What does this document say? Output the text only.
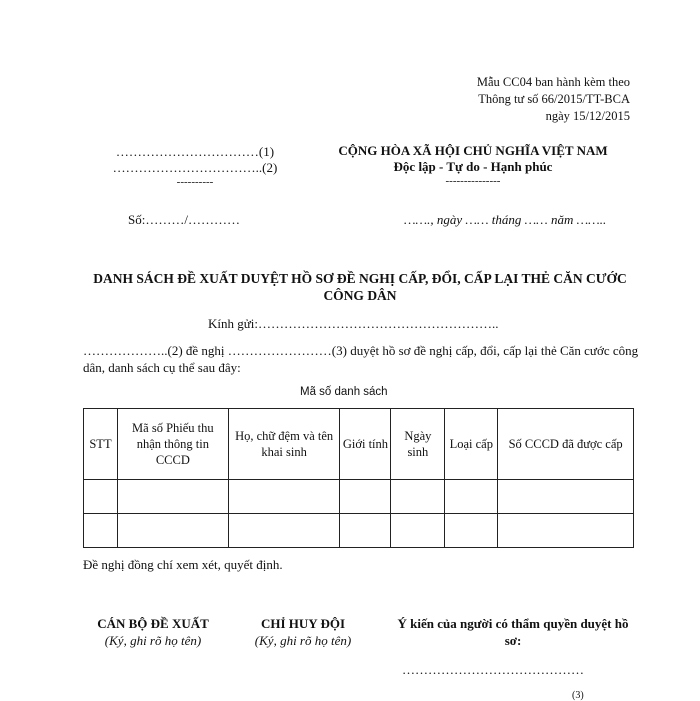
Mẫu CC04 ban hành kèm theo
Thông tư số 66/2015/TT-BCA
ngày 15/12/2015
……………………………(1)
……………………………..(2)
----------
CỘNG HÒA XÃ HỘI CHỦ NGHĨA VIỆT NAM
Độc lập - Tự do - Hạnh phúc
---------------
Số:………/…………	……., ngày …… tháng …… năm ……..
DANH SÁCH ĐỀ XUẤT DUYỆT HỒ SƠ ĐỀ NGHỊ CẤP, ĐỔI, CẤP LẠI THẺ CĂN CƯỚC CÔNG DÂN
Kính gửi:………………………………………………..
………………..(2) đề nghị ……………………(3) duyệt hồ sơ đề nghị cấp, đổi, cấp lại thẻ Căn cước công dân, danh sách cụ thể sau đây:
Mã số danh sách
STT	Mã số Phiếu thu nhận thông tin CCCD	Họ, chữ đệm và tên khai sinh	Giới tính	Ngày sinh	Loại cấp	Số CCCD đã được cấp

Đề nghị đồng chí xem xét, quyết định.
CÁN BỘ ĐỀ XUẤT
(Ký, ghi rõ họ tên)
CHỈ HUY ĐỘI
(Ký, ghi rõ họ tên)
Ý kiến của người có thẩm quyền duyệt hồ sơ:
……………………………………
(3)
